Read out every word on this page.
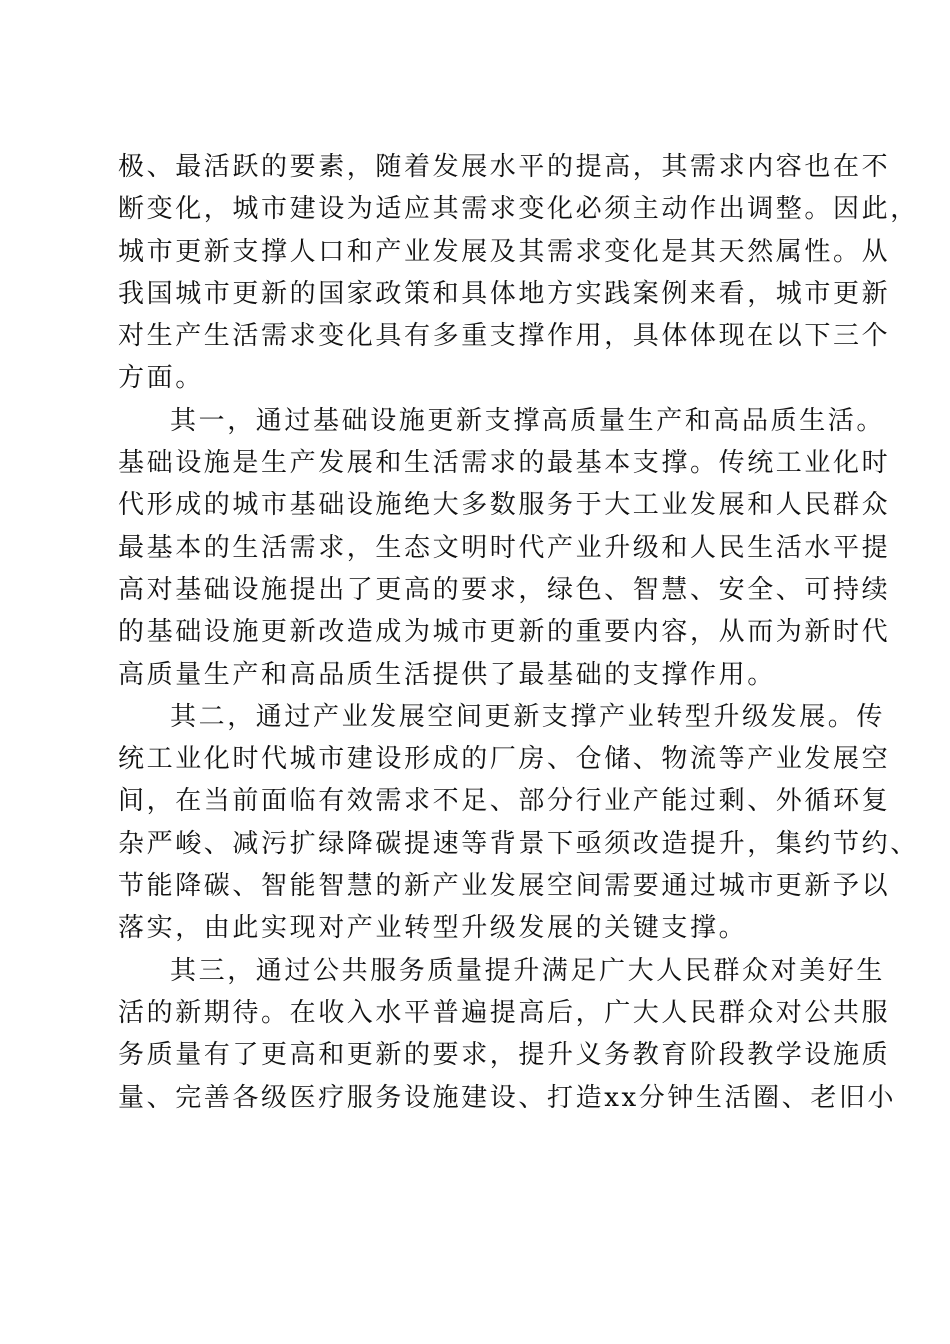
极、最活跃的要素，随着发展水平的提高，其需求内容也在不
断变化，城市建设为适应其需求变化必须主动作出调整。因此，
城市更新支撑人口和产业发展及其需求变化是其天然属性。从
我国城市更新的国家政策和具体地方实践案例来看，城市更新
对生产生活需求变化具有多重支撑作用，具体体现在以下三个
方面。
其一，通过基础设施更新支撑高质量生产和高品质生活。
基础设施是生产发展和生活需求的最基本支撑。传统工业化时
代形成的城市基础设施绝大多数服务于大工业发展和人民群众
最基本的生活需求，生态文明时代产业升级和人民生活水平提
高对基础设施提出了更高的要求，绿色、智慧、安全、可持续
的基础设施更新改造成为城市更新的重要内容，从而为新时代
高质量生产和高品质生活提供了最基础的支撑作用。
其二，通过产业发展空间更新支撑产业转型升级发展。传
统工业化时代城市建设形成的厂房、仓储、物流等产业发展空
间，在当前面临有效需求不足、部分行业产能过剩、外循环复
杂严峻、减污扩绿降碳提速等背景下亟须改造提升，集约节约、
节能降碳、智能智慧的新产业发展空间需要通过城市更新予以
落实，由此实现对产业转型升级发展的关键支撑。
其三，通过公共服务质量提升满足广大人民群众对美好生
活的新期待。在收入水平普遍提高后，广大人民群众对公共服
务质量有了更高和更新的要求，提升义务教育阶段教学设施质
量、完善各级医疗服务设施建设、打造xx分钟生活圈、老旧小
